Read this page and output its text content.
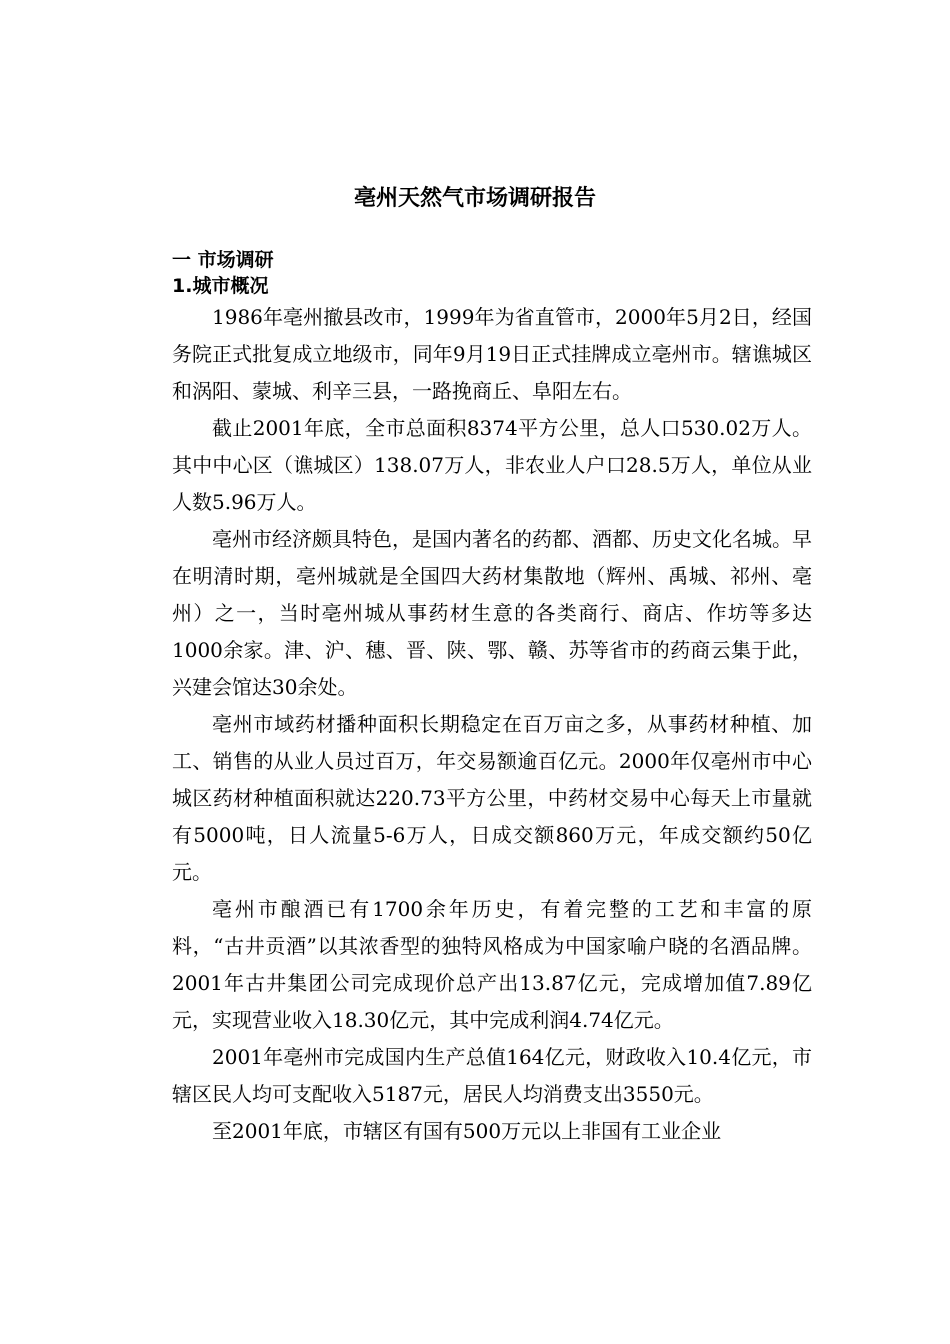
亳州天然气市场调研报告
一 市场调研
1.城市概况

1986年亳州撤县改市，1999年为省直管市，2000年5月2日，经国务院正式批复成立地级市，同年9月19日正式挂牌成立亳州市。辖谯城区和涡阳、蒙城、利辛三县，一路挽商丘、阜阳左右。

截止2001年底，全市总面积8374平方公里，总人口530.02万人。其中中心区（谯城区）138.07万人，非农业人户口28.5万人，单位从业人数5.96万人。

亳州市经济颇具特色，是国内著名的药都、酒都、历史文化名城。早在明清时期，亳州城就是全国四大药材集散地（辉州、禹城、祁州、亳州）之一，当时亳州城从事药材生意的各类商行、商店、作坊等多达1000余家。津、沪、穗、晋、陕、鄂、赣、苏等省市的药商云集于此，兴建会馆达30余处。

亳州市域药材播种面积长期稳定在百万亩之多，从事药材种植、加工、销售的从业人员过百万，年交易额逾百亿元。2000年仅亳州市中心城区药材种植面积就达220.73平方公里，中药材交易中心每天上市量就有5000吨，日人流量5-6万人，日成交额860万元，年成交额约50亿元。

亳州市酿酒已有1700余年历史，有着完整的工艺和丰富的原料，“古井贡酒”以其浓香型的独特风格成为中国家喻户晓的名酒品牌。2001年古井集团公司完成现价总产出13.87亿元，完成增加值7.89亿元，实现营业收入18.30亿元，其中完成利润4.74亿元。

2001年亳州市完成国内生产总值164亿元，财政收入10.4亿元，市辖区民人均可支配收入5187元，居民人均消费支出3550元。

至2001年底，市辖区有国有500万元以上非国有工业企业
